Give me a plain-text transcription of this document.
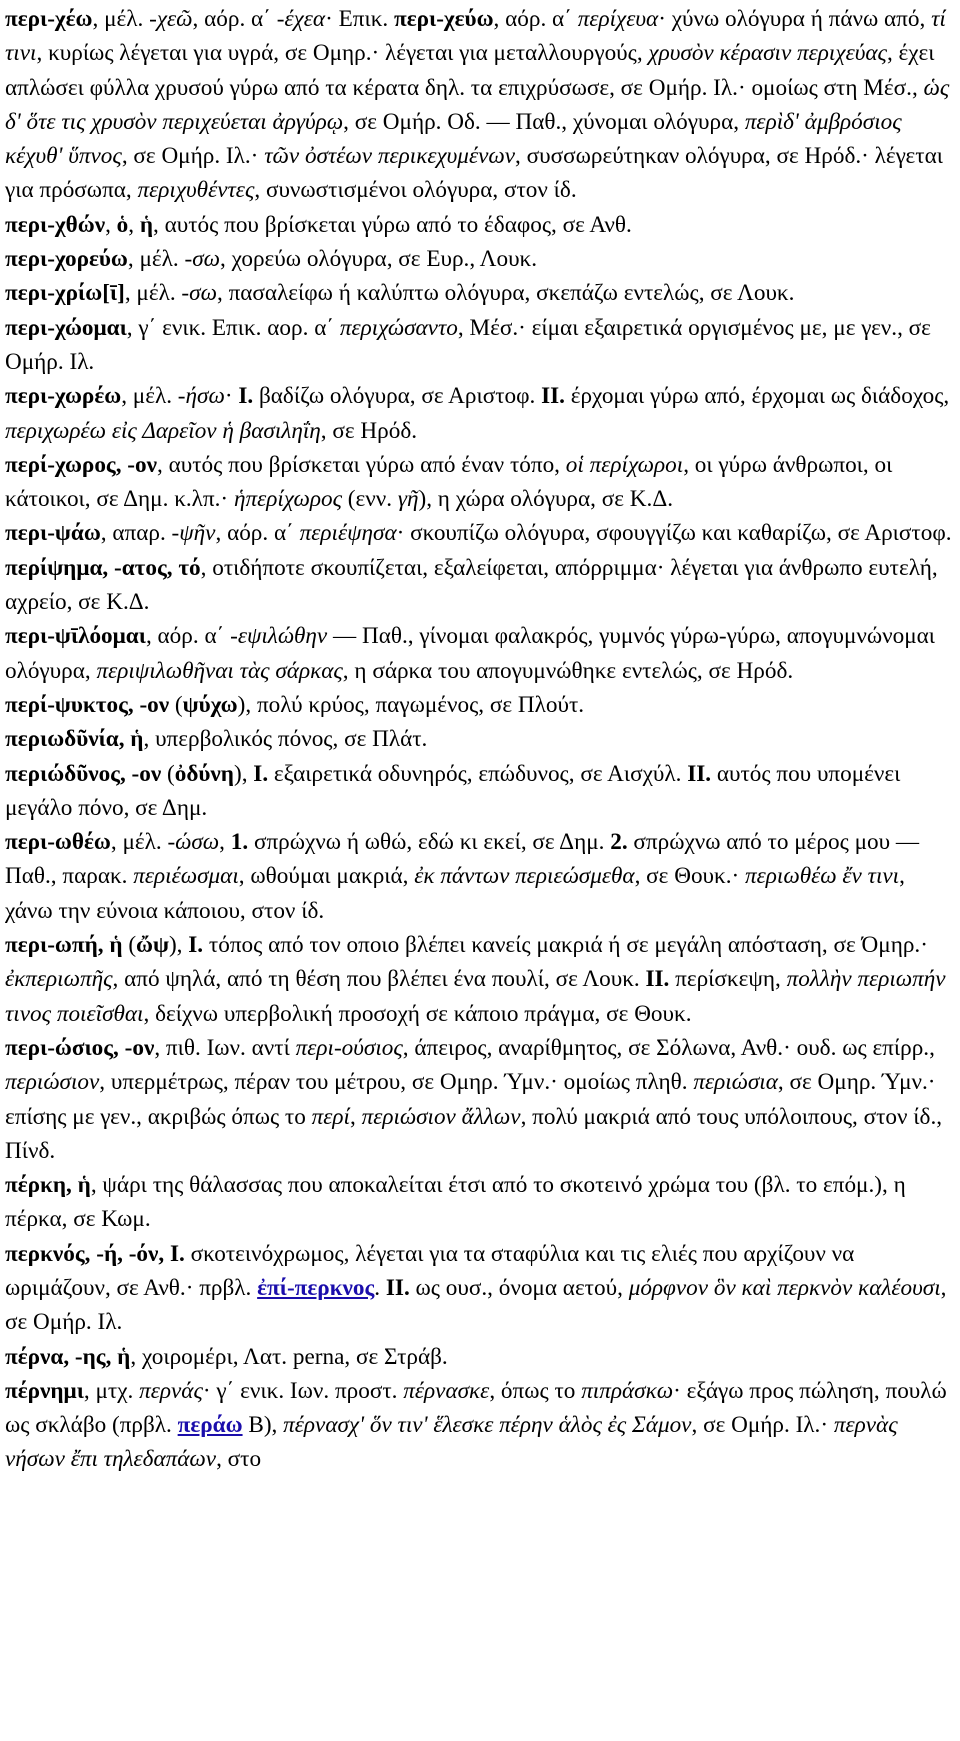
περι-χέω, μέλ. -χεῶ, αόρ. α΄ -έχεα· Επικ. περι-χεύω, αόρ. α΄ περίχευα· χύνω ολόγυρα ή πάνω από, τί τινι, κυρίως λέγεται για υγρά, σε Ομηρ.· λέγεται για μεταλλουργούς, χρυσὸν κέρασιν περιχεύας, έχει απλώσει φύλλα χρυσού γύρω από τα κέρατα δηλ. τα επιχρύσωσε, σε Ομήρ. Ιλ.· ομοίως στη Μέσ., ὡς δ' ὅτε τις χρυσὸν περιχεύεται ἀργύρῳ, σε Ομήρ. Οδ. — Παθ., χύνομαι ολόγυρα, περὶδ' ἀμβρόσιος κέχυθ' ὕπνος, σε Ομήρ. Ιλ.· τῶν ὀστέων περικεχυμένων, συσσωρεύτηκαν ολόγυρα, σε Ηρόδ.· λέγεται για πρόσωπα, περιχυθέντες, συνωστισμένοι ολόγυρα, στον ίδ.

περι-χθών, ὁ, ἡ, αυτός που βρίσκεται γύρω από το έδαφος, σε Ανθ.

περι-χορεύω, μέλ. -σω, χορεύω ολόγυρα, σε Ευρ., Λουκ.

περι-χρίω[ῑ], μέλ. -σω, πασαλείφω ή καλύπτω ολόγυρα, σκεπάζω εντελώς, σε Λουκ.

περι-χώομαι, γ΄ ενικ. Επικ. αορ. α΄ περιχώσαντο, Μέσ.· είμαι εξαιρετικά οργισμένος με, με γεν., σε Ομήρ. Ιλ.

περι-χωρέω, μέλ. -ήσω· I. βαδίζω ολόγυρα, σε Αριστοφ. II. έρχομαι γύρω από, έρχομαι ως διάδοχος, περιχωρέω εἰς Δαρεῖον ἡ βασιληΐη, σε Ηρόδ.

περί-χωρος, -ον, αυτός που βρίσκεται γύρω από έναν τόπο, οἱ περίχωροι, οι γύρω άνθρωποι, οι κάτοικοι, σε Δημ. κ.λπ.· ἡπερίχωρος (ενν. γῆ), η χώρα ολόγυρα, σε Κ.Δ.

περι-ψάω, απαρ. -ψῆν, αόρ. α΄ περιέψησα· σκουπίζω ολόγυρα, σφουγγίζω και καθαρίζω, σε Αριστοφ.

περίψημα, -ατος, τό, οτιδήποτε σκουπίζεται, εξαλείφεται, απόρριμμα· λέγεται για άνθρωπο ευτελή, αχρείο, σε Κ.Δ.

περι-ψῑλόομαι, αόρ. α΄ -εψιλώθην — Παθ., γίνομαι φαλακρός, γυμνός γύρω-γύρω, απογυμνώνομαι ολόγυρα, περιψιλωθῆναι τὰς σάρκας, η σάρκα του απογυμνώθηκε εντελώς, σε Ηρόδ.

περί-ψυκτος, -ον (ψύχω), πολύ κρύος, παγωμένος, σε Πλούτ.

περιωδῦνία, ἡ, υπερβολικός πόνος, σε Πλάτ.

περιώδῦνος, -ον (ὀδύνη), I. εξαιρετικά οδυνηρός, επώδυνος, σε Αισχύλ. II. αυτός που υπομένει μεγάλο πόνο, σε Δημ.

περι-ωθέω, μέλ. -ώσω, 1. σπρώχνω ή ωθώ, εδώ κι εκεί, σε Δημ. 2. σπρώχνω από το μέρος μου — Παθ., παρακ. περιέωσμαι, ωθούμαι μακριά, ἐκ πάντων περιεώσμεθα, σε Θουκ.· περιωθέω ἔν τινι, χάνω την εύνοια κάποιου, στον ίδ.

περι-ωπή, ἡ (ὤψ), I. τόπος από τον οποιο βλέπει κανείς μακριά ή σε μεγάλη απόσταση, σε Όμηρ.· ἐκπεριωπῆς, από ψηλά, από τη θέση που βλέπει ένα πουλί, σε Λουκ. II. περίσκεψη, πολλὴν περιωπήν τινος ποιεῖσθαι, δείχνω υπερβολική προσοχή σε κάποιο πράγμα, σε Θουκ.

περι-ώσιος, -ον, πιθ. Ιων. αντί περι-ούσιος, άπειρος, αναρίθμητος, σε Σόλωνα, Ανθ.· ουδ. ως επίρρ., περιώσιον, υπερμέτρως, πέραν του μέτρου, σε Ομηρ. Ύμν.· ομοίως πληθ. περιώσια, σε Ομηρ. Ύμν.· επίσης με γεν., ακριβώς όπως το περί, περιώσιον ἄλλων, πολύ μακριά από τους υπόλοιπους, στον ίδ., Πίνδ.

πέρκη, ἡ, ψάρι της θάλασσας που αποκαλείται έτσι από το σκοτεινό χρώμα του (βλ. το επόμ.), η πέρκα, σε Κωμ.

περκνός, -ή, -όν, I. σκοτεινόχρωμος, λέγεται για τα σταφύλια και τις ελιές που αρχίζουν να ωριμάζουν, σε Ανθ.· πρβλ. ἐπί-περκνος. II. ως ουσ., όνομα αετού, μόρφνον ὃν καὶ περκνὸν καλέουσι, σε Ομήρ. Ιλ.

πέρνα, -ης, ἡ, χοιρομέρι, Λατ. perna, σε Στράβ.

πέρνημι, μτχ. περνάς· γ΄ ενικ. Ιων. προστ. πέρνασκε, όπως το πιπράσκω· εξάγω προς πώληση, πουλώ ως σκλάβο (πρβλ. περάω B), πέρνασχ' ὅν τιν' ἕλεσκε πέρην ἁλὸς ἐς Σάμον, σε Ομήρ. Ιλ.· περνὰς νήσων ἔπι τηλεδαπάων, στο
